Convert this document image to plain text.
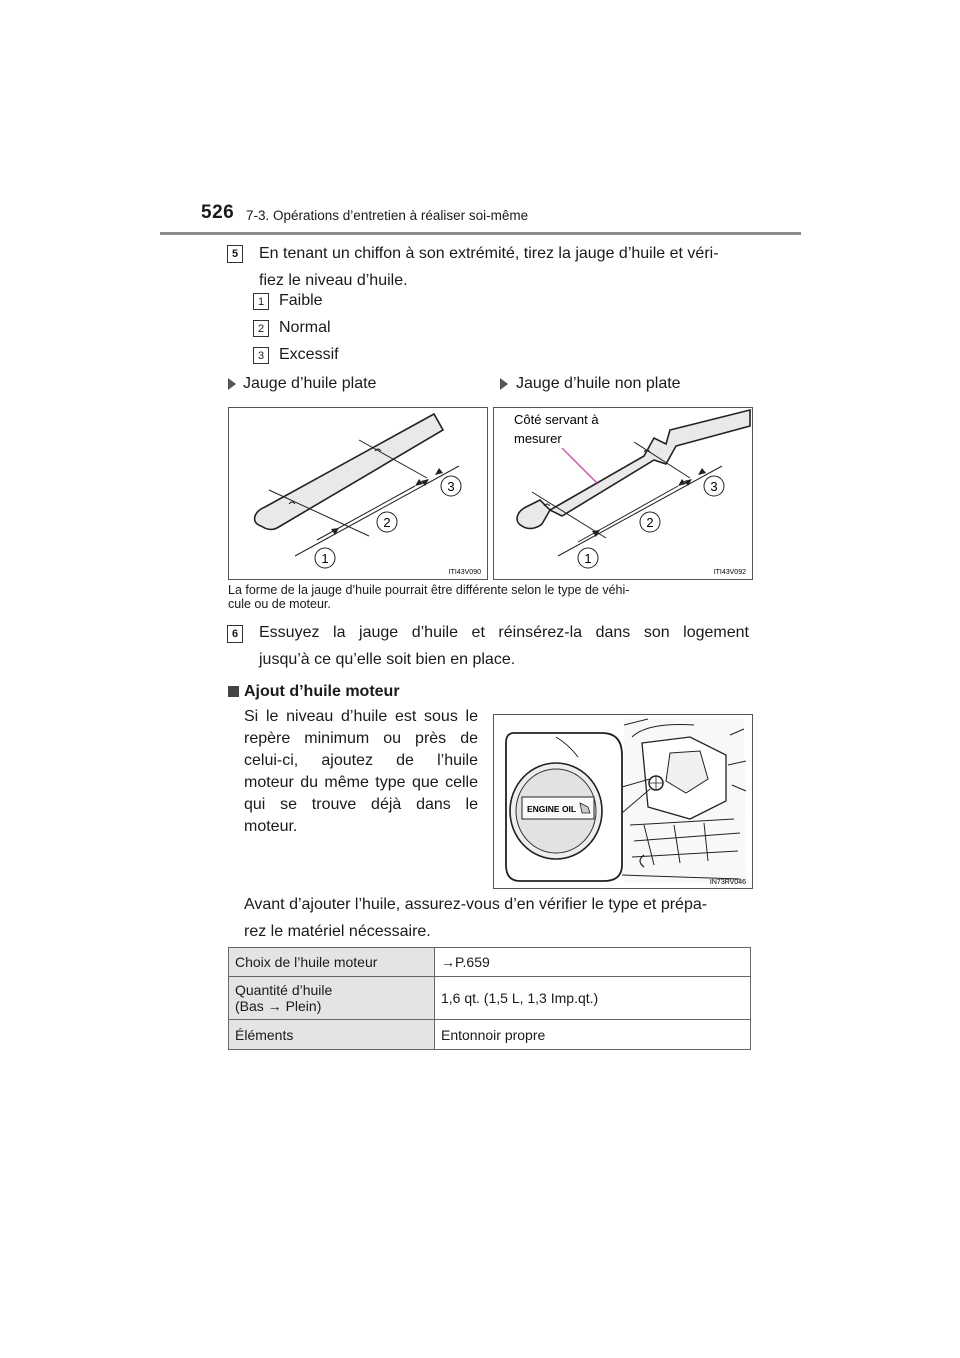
526 7-3. Opérations d’entretien à réaliser soi-même
5	En tenant un chiffon à son extrémité, tirez la jauge d’huile et véri-
fiez le niveau d’huile.
1 Faible
2 Normal
3 Excessif
Jauge d’huile plate	Jauge d’huile non plate
1
2
3
ITI43V090
Côté servant à
mesurer
1
2
3
ITI43V092
La forme de la jauge d’huile pourrait être différente selon le type de véhi-
cule ou de moteur.
6	Essuyez la jauge d’huile et réinsérez-la dans son logement
jusqu’à ce qu’elle soit bien en place.
Ajout d’huile moteur
Si le niveau d’huile est sous le
repère minimum ou près de
celui-ci, ajoutez de l’huile
moteur du même type que celle
qui se trouve déjà dans le
moteur.
ENGINE OIL
IN73RV046
Avant d’ajouter l’huile, assurez-vous d’en vérifier le type et prépa-
rez le matériel nécessaire.
Choix de l’huile moteur	→P.659

Quantité d’huile
(Bas → Plein)	1,6 qt. (1,5 L, 1,3 Imp.qt.)
Éléments	Entonnoir propre
